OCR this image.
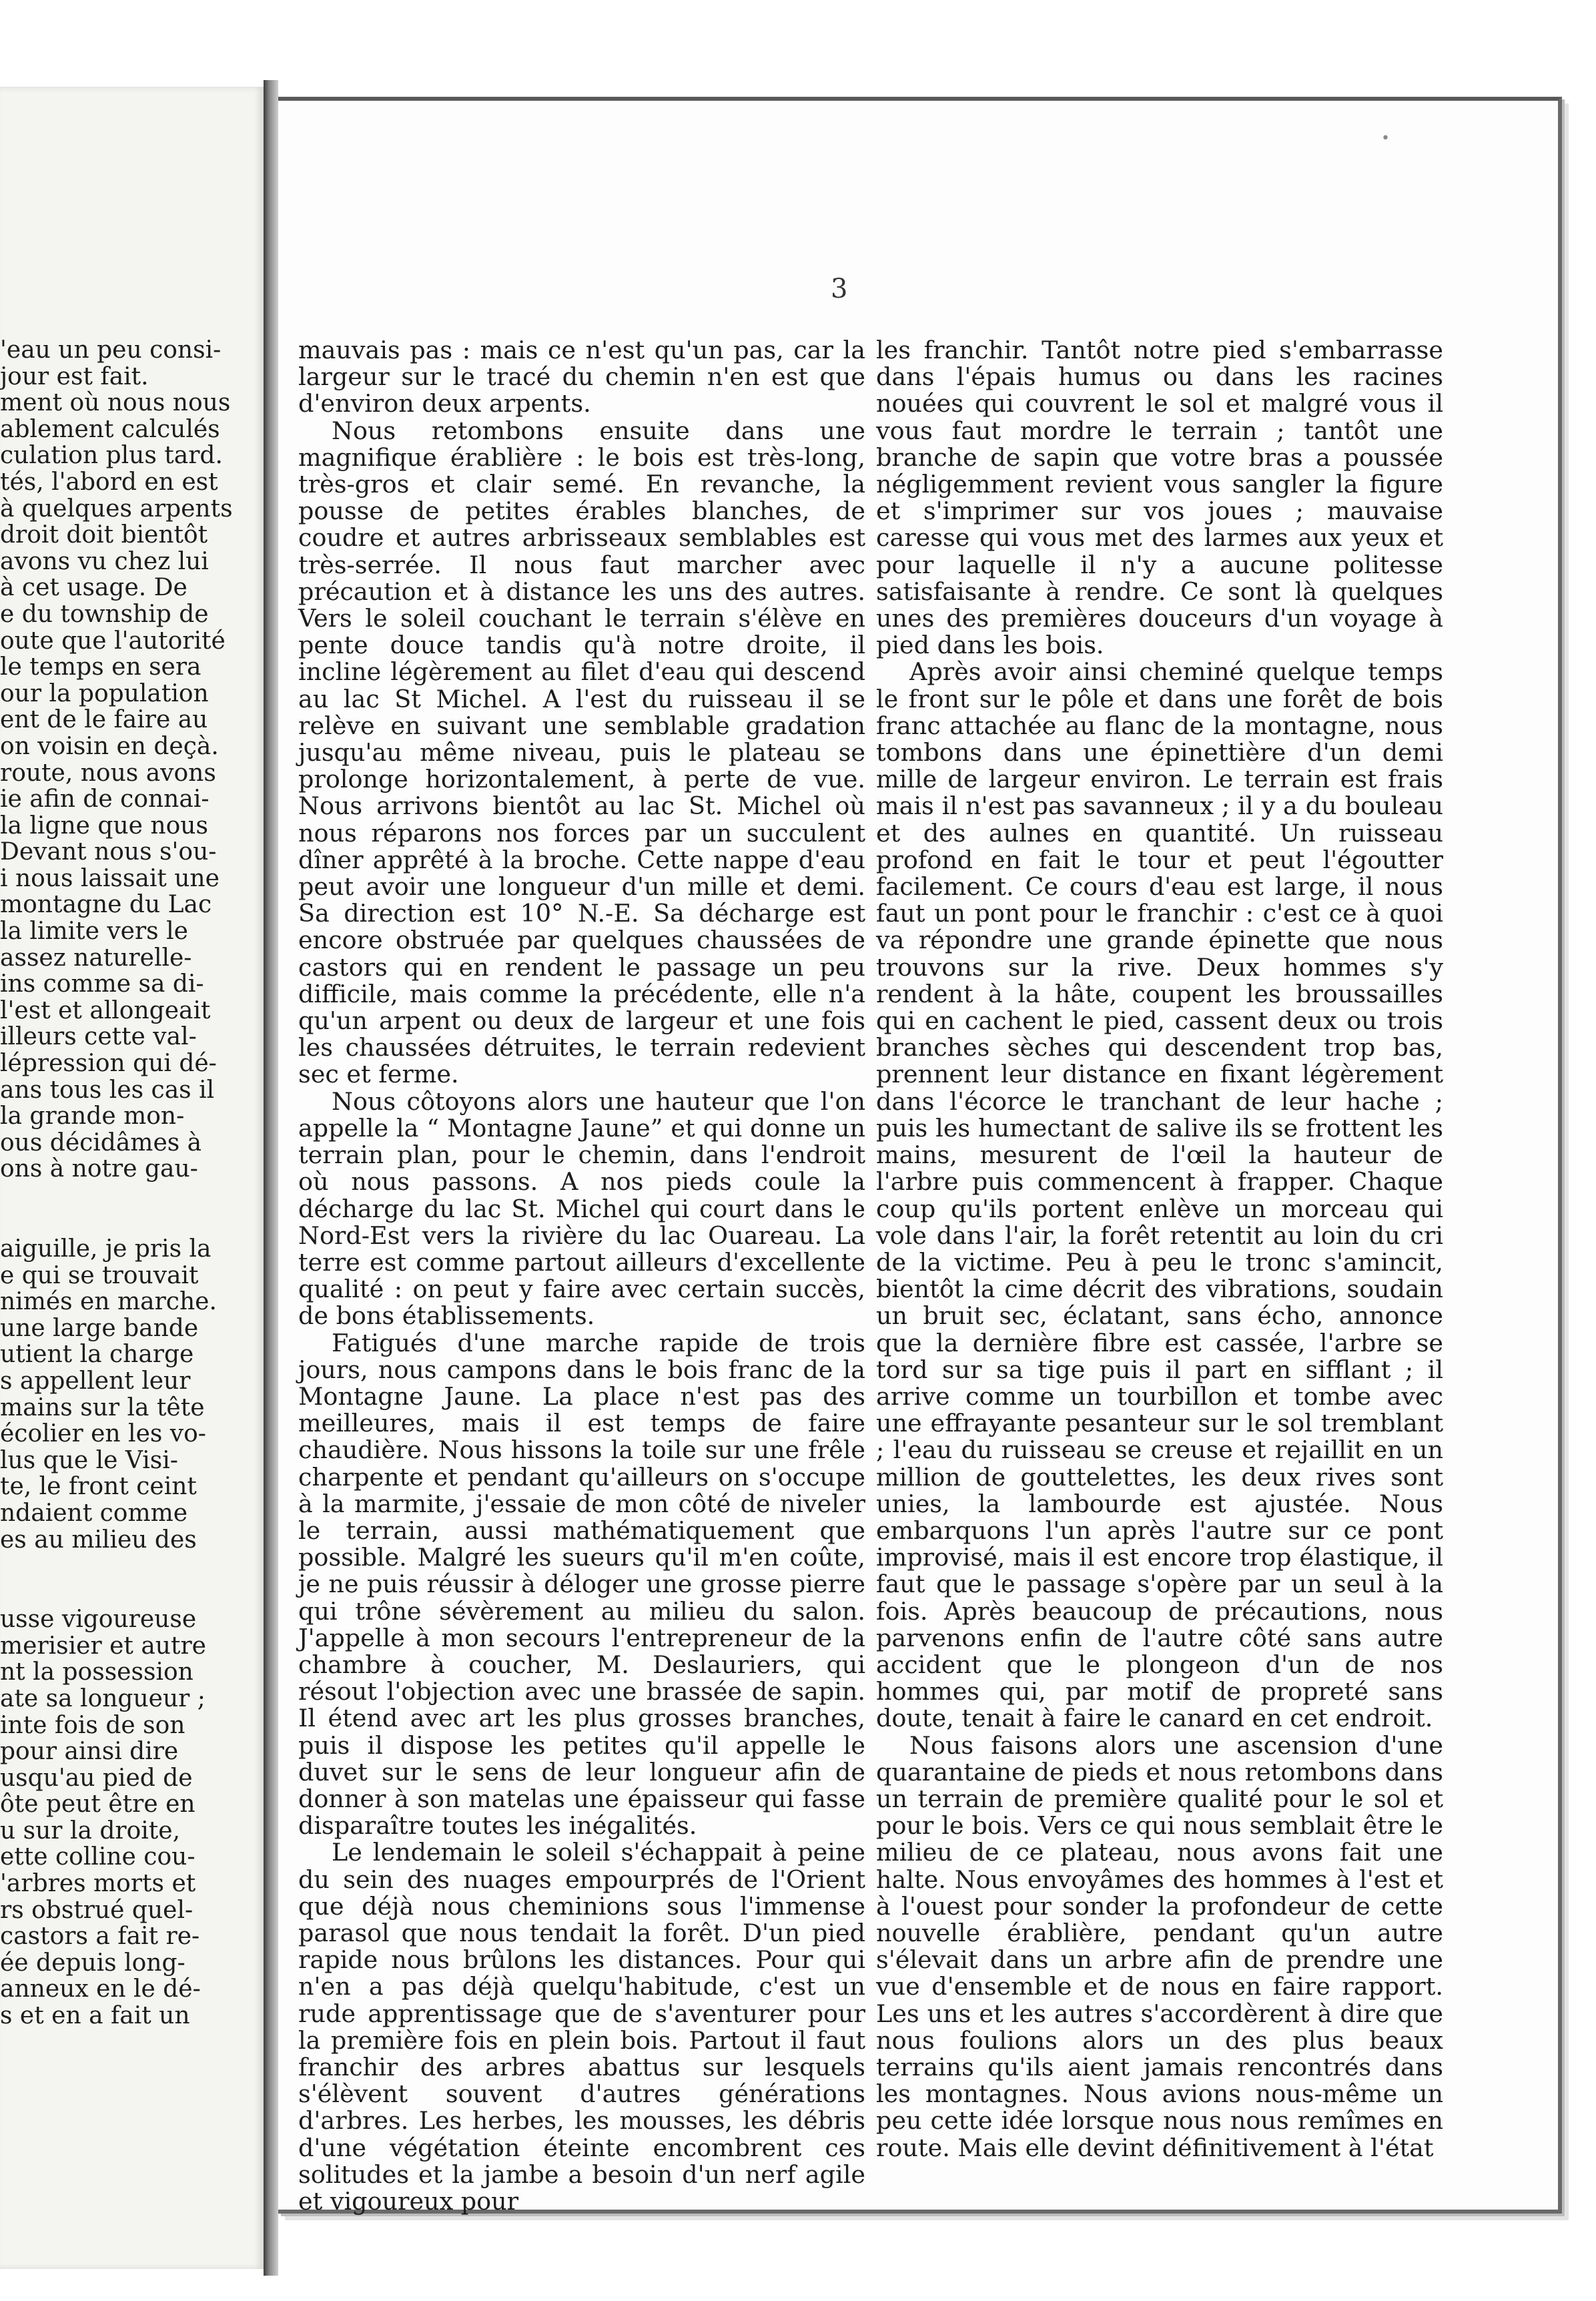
'eau un peu consi-

jour est fait.

ment où nous nous

ablement calculés

culation plus tard.

tés, l'abord en est

à quelques arpents

droit doit bientôt

avons vu chez lui

à cet usage. De

e du township de

oute que l'autorité

le temps en sera

our la population

ent de le faire au

on voisin en deçà.

route, nous avons

ie afin de connai-

la ligne que nous

Devant nous s'ou-

i nous laissait une

montagne du Lac

la limite vers le

assez naturelle-

ins comme sa di-

l'est et allongeait

illeurs cette val-

lépression qui dé-

ans tous les cas il

la grande mon-

ous décidâmes à

ons à notre gau-

aiguille, je pris la

e qui se trouvait

nimés en marche.

une large bande

utient la charge

s appellent leur

mains sur la tête

écolier en les vo-

lus que le Visi-

te, le front ceint

ndaient comme

es au milieu des

usse vigoureuse

merisier et autre

nt la possession

ate sa longueur ;

inte fois de son

pour ainsi dire

usqu'au pied de

ôte peut être en

u sur la droite,

ette colline cou-

'arbres morts et

rs obstrué quel-

castors a fait re-

ée depuis long-

anneux en le dé-

s et en a fait un

•
3

mauvais pas : mais ce n'est qu'un pas, car la largeur sur le tracé du chemin n'en est que d'environ deux arpents.

Nous retombons ensuite dans une magnifique érablière : le bois est très-long, très-gros et clair semé. En revanche, la pousse de petites érables blanches, de coudre et autres arbrisseaux semblables est très-serrée. Il nous faut marcher avec précaution et à distance les uns des autres. Vers le soleil couchant le terrain s'élève en pente douce tandis qu'à notre droite, il incline légèrement au filet d'eau qui descend au lac St Michel. A l'est du ruisseau il se relève en suivant une semblable gradation jusqu'au même niveau, puis le plateau se prolonge horizontalement, à perte de vue. Nous arrivons bientôt au lac St. Michel où nous réparons nos forces par un succulent dîner apprêté à la broche. Cette nappe d'eau peut avoir une longueur d'un mille et demi. Sa direction est 10° N.-E. Sa décharge est encore obstruée par quelques chaussées de castors qui en rendent le passage un peu difficile, mais comme la précédente, elle n'a qu'un arpent ou deux de largeur et une fois les chaussées détruites, le terrain redevient sec et ferme.

Nous côtoyons alors une hauteur que l'on appelle la “ Montagne Jaune” et qui donne un terrain plan, pour le chemin, dans l'endroit où nous passons. A nos pieds coule la décharge du lac St. Michel qui court dans le Nord-Est vers la rivière du lac Ouareau. La terre est comme partout ailleurs d'excellente qualité : on peut y faire avec certain succès, de bons établissements.

Fatigués d'une marche rapide de trois jours, nous campons dans le bois franc de la Montagne Jaune. La place n'est pas des meilleures, mais il est temps de faire chaudière. Nous hissons la toile sur une frêle charpente et pendant qu'ailleurs on s'occupe à la marmite, j'essaie de mon côté de niveler le terrain, aussi mathématiquement que possible. Malgré les sueurs qu'il m'en coûte, je ne puis réussir à déloger une grosse pierre qui trône sévèrement au milieu du salon. J'appelle à mon secours l'entrepreneur de la chambre à coucher, M. Deslauriers, qui résout l'objection avec une brassée de sapin. Il étend avec art les plus grosses branches, puis il dispose les petites qu'il appelle le duvet sur le sens de leur longueur afin de donner à son matelas une épaisseur qui fasse disparaître toutes les inégalités.

Le lendemain le soleil s'échappait à peine du sein des nuages empourprés de l'Orient que déjà nous cheminions sous l'immense parasol que nous tendait la forêt. D'un pied rapide nous brûlons les distances. Pour qui n'en a pas déjà quelqu'habitude, c'est un rude apprentissage que de s'aventurer pour la première fois en plein bois. Partout il faut franchir des arbres abattus sur lesquels s'élèvent souvent d'autres générations d'arbres. Les herbes, les mousses, les débris d'une végétation éteinte encombrent ces solitudes et la jambe a besoin d'un nerf agile et vigoureux pour

les franchir. Tantôt notre pied s'embarrasse dans l'épais humus ou dans les racines nouées qui couvrent le sol et malgré vous il vous faut mordre le terrain ; tantôt une branche de sapin que votre bras a poussée négligemment revient vous sangler la figure et s'imprimer sur vos joues ; mauvaise caresse qui vous met des larmes aux yeux et pour laquelle il n'y a aucune politesse satisfaisante à rendre. Ce sont là quelques unes des premières douceurs d'un voyage à pied dans les bois.

Après avoir ainsi cheminé quelque temps le front sur le pôle et dans une forêt de bois franc attachée au flanc de la montagne, nous tombons dans une épinettière d'un demi mille de largeur environ. Le terrain est frais mais il n'est pas savanneux ; il y a du bouleau et des aulnes en quantité. Un ruisseau profond en fait le tour et peut l'égoutter facilement. Ce cours d'eau est large, il nous faut un pont pour le franchir : c'est ce à quoi va répondre une grande épinette que nous trouvons sur la rive. Deux hommes s'y rendent à la hâte, coupent les broussailles qui en cachent le pied, cassent deux ou trois branches sèches qui descendent trop bas, prennent leur distance en fixant légèrement dans l'écorce le tranchant de leur hache ; puis les humectant de salive ils se frottent les mains, mesurent de l'œil la hauteur de l'arbre puis commencent à frapper. Chaque coup qu'ils portent enlève un morceau qui vole dans l'air, la forêt retentit au loin du cri de la victime. Peu à peu le tronc s'amincit, bientôt la cime décrit des vibrations, soudain un bruit sec, éclatant, sans écho, annonce que la dernière fibre est cassée, l'arbre se tord sur sa tige puis il part en sifflant ; il arrive comme un tourbillon et tombe avec une effrayante pesanteur sur le sol tremblant ; l'eau du ruisseau se creuse et rejaillit en un million de gouttelettes, les deux rives sont unies, la lambourde est ajustée. Nous embarquons l'un après l'autre sur ce pont improvisé, mais il est encore trop élastique, il faut que le passage s'opère par un seul à la fois. Après beaucoup de précautions, nous parvenons enfin de l'autre côté sans autre accident que le plongeon d'un de nos hommes qui, par motif de propreté sans doute, tenait à faire le canard en cet endroit.

Nous faisons alors une ascension d'une quarantaine de pieds et nous retombons dans un terrain de première qualité pour le sol et pour le bois. Vers ce qui nous semblait être le milieu de ce plateau, nous avons fait une halte. Nous envoyâmes des hommes à l'est et à l'ouest pour sonder la profondeur de cette nouvelle érablière, pendant qu'un autre s'élevait dans un arbre afin de prendre une vue d'ensemble et de nous en faire rapport. Les uns et les autres s'accordèrent à dire que nous foulions alors un des plus beaux terrains qu'ils aient jamais rencontrés dans les montagnes. Nous avions nous-même un peu cette idée lorsque nous nous remîmes en route. Mais elle devint définitivement à l'état
